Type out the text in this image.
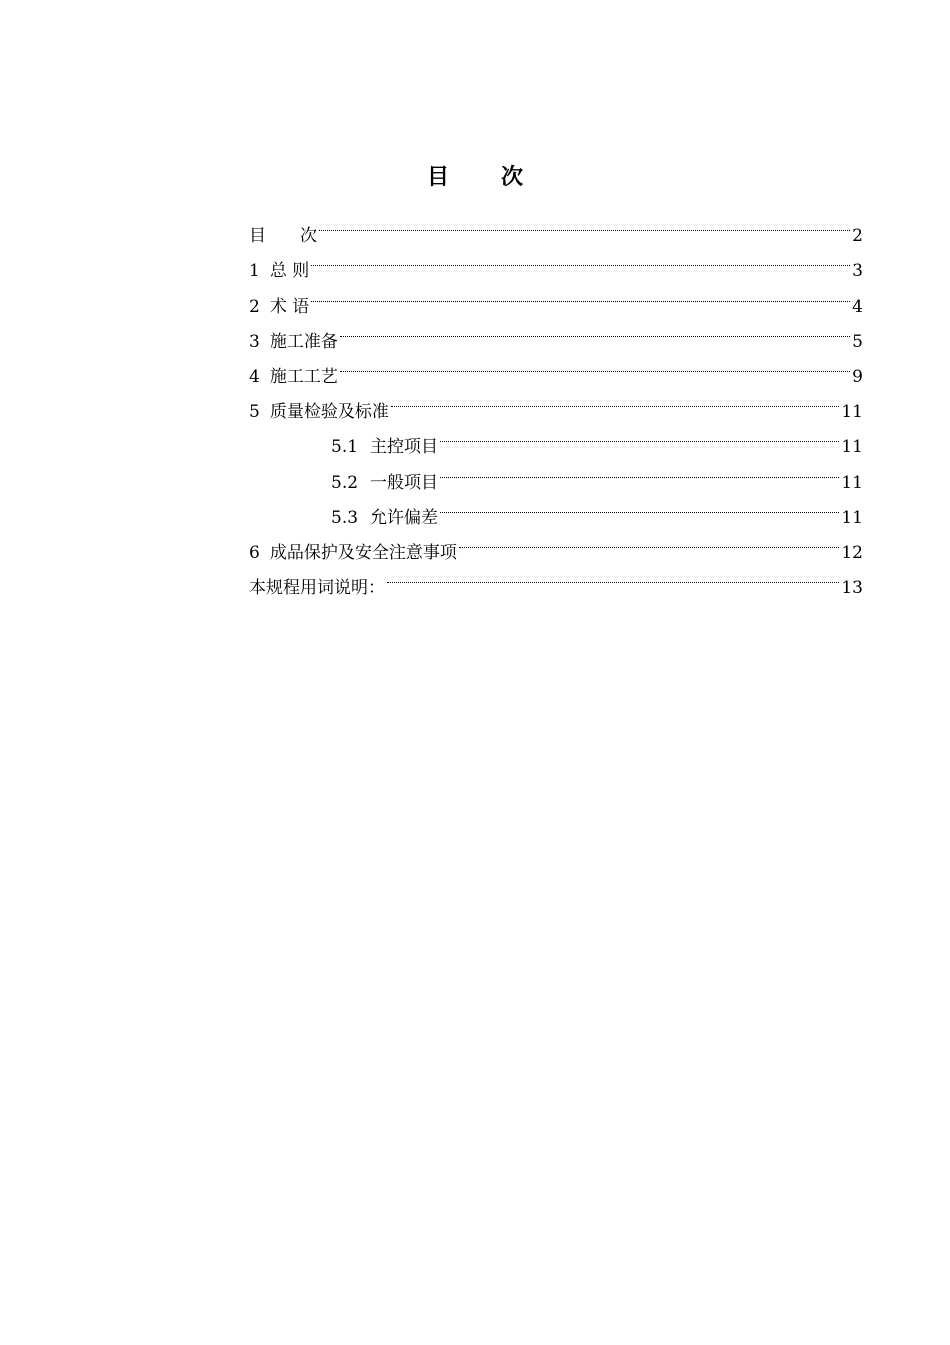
目 次
目　　次	2
1 总 则	3
2 术 语	4
3 施工准备	5
4 施工工艺	9
5 质量检验及标准	11
5.1 主控项目	11
5.2 一般项目	11
5.3 允许偏差	11
6 成品保护及安全注意事项	12
本规程用词说明：	13
